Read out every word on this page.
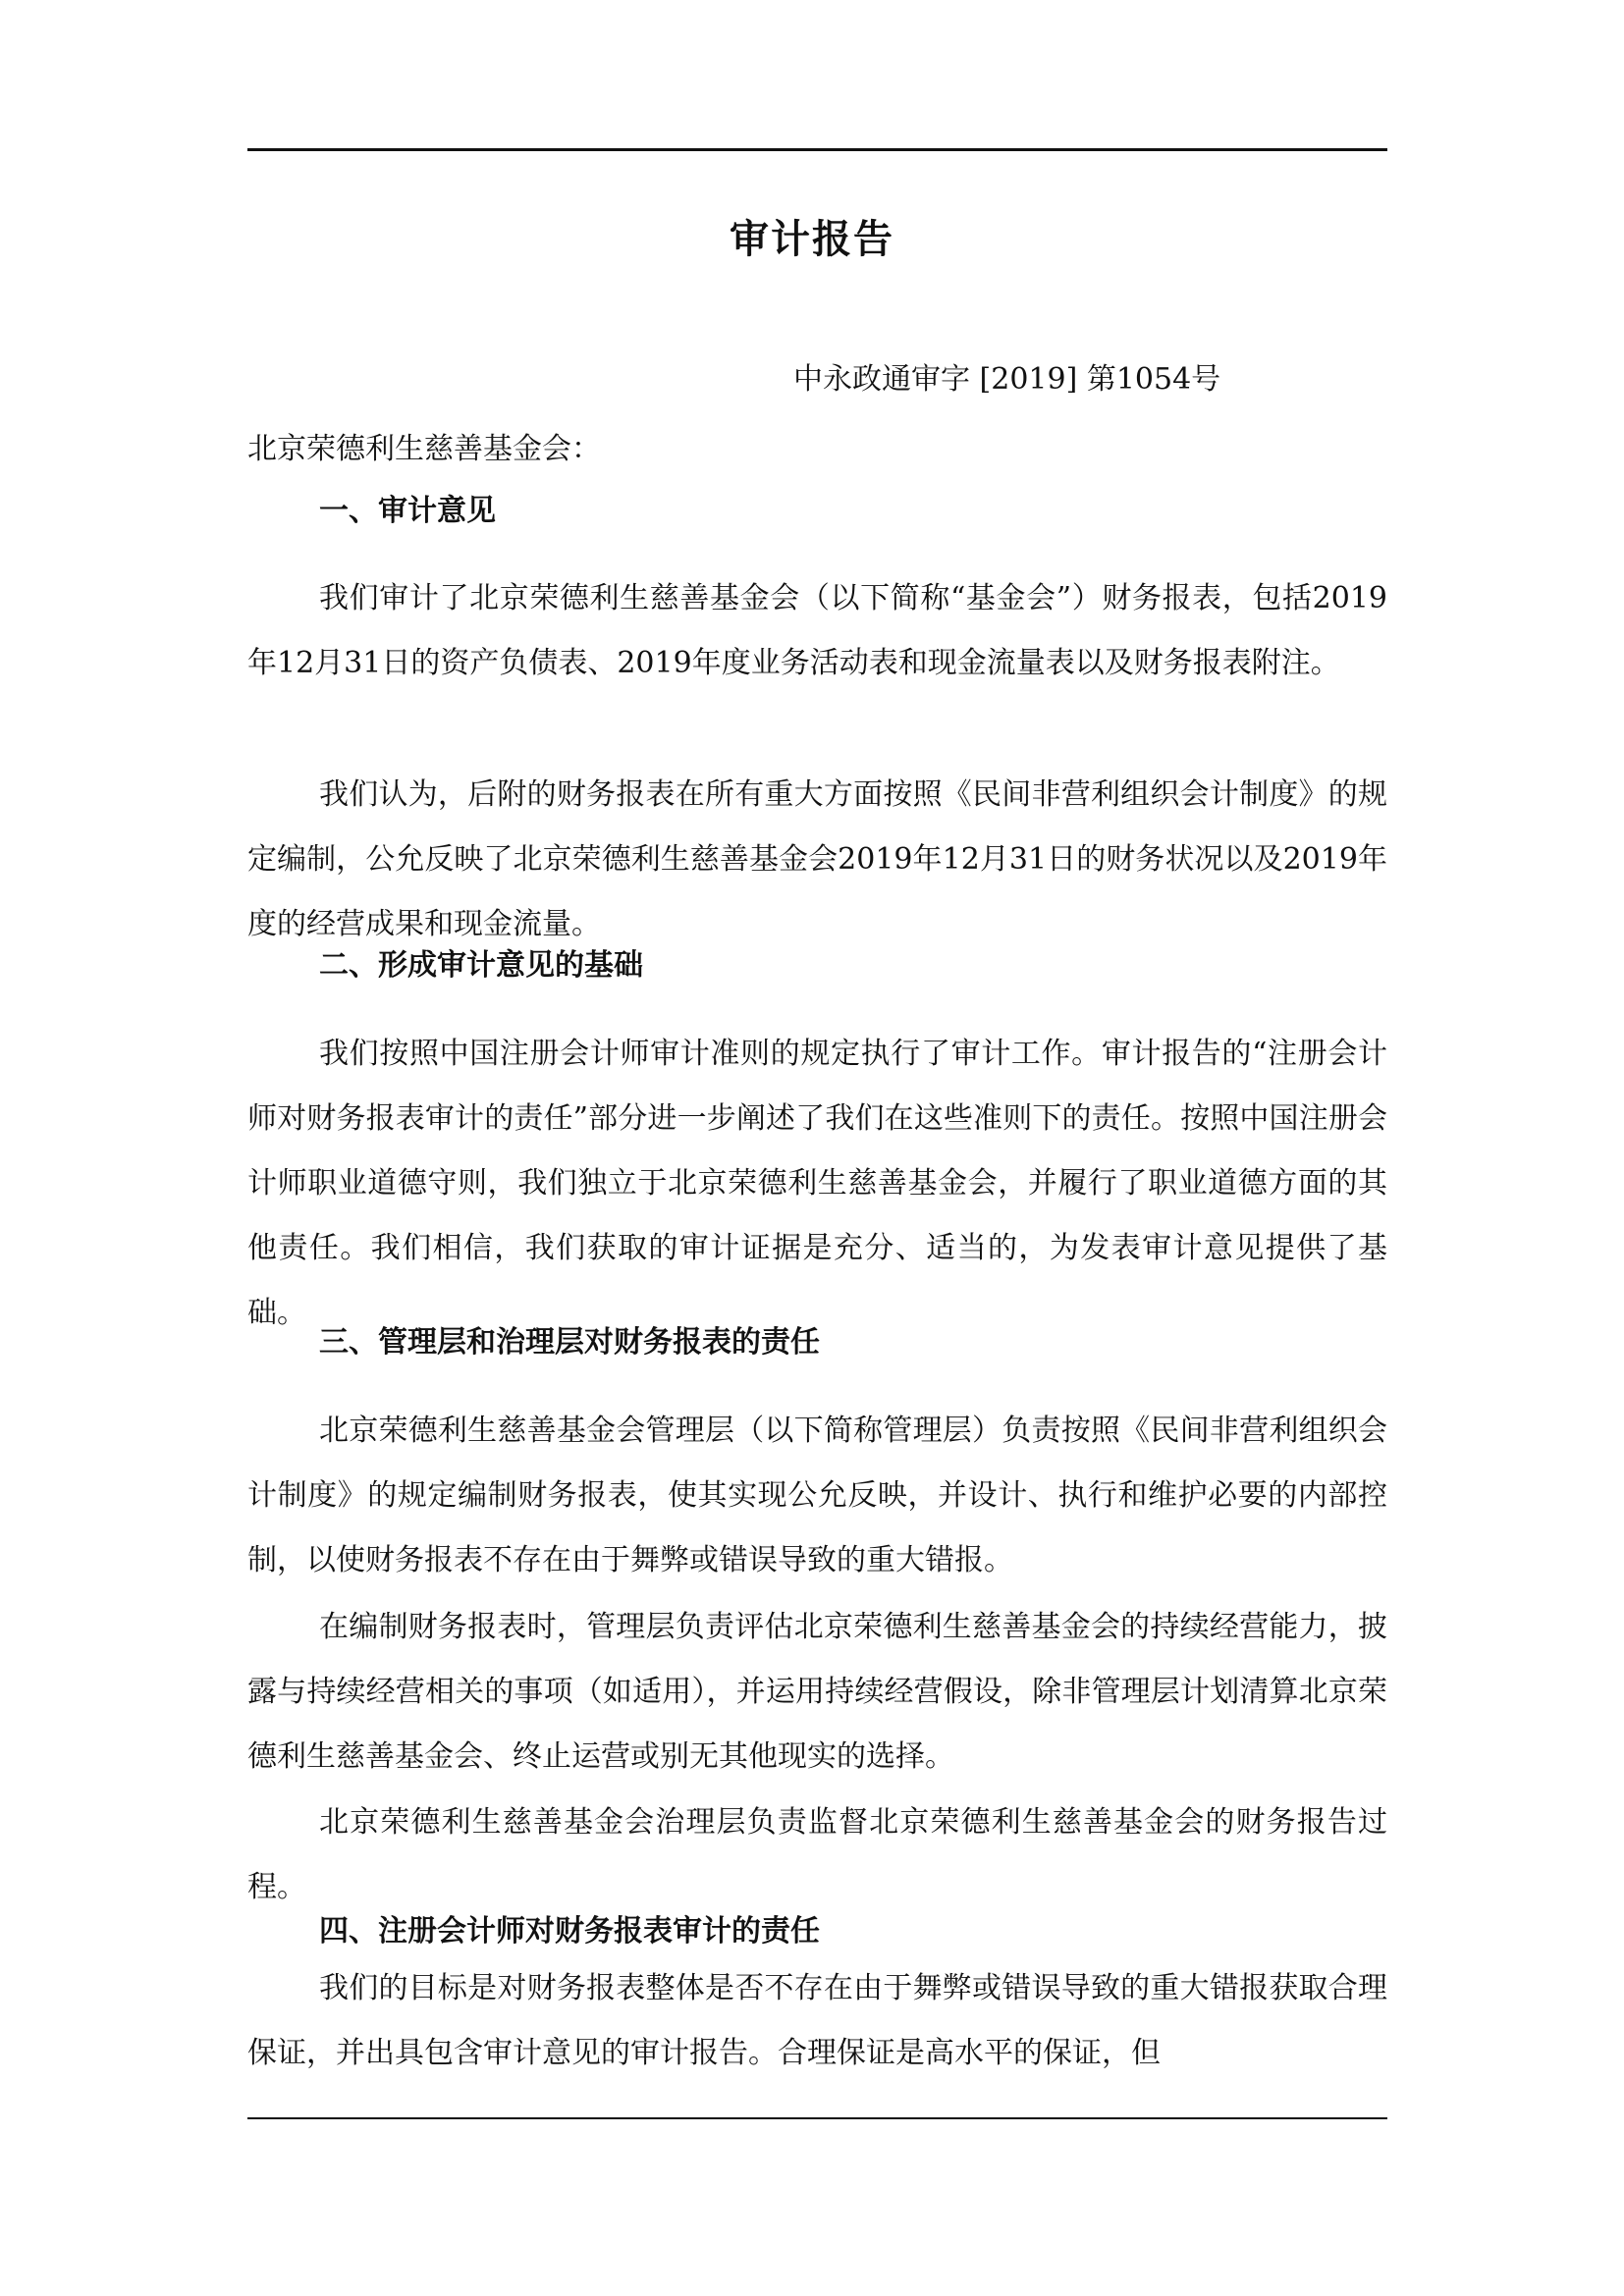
审计报告
中永政通审字 [2019] 第1054号
北京荣德利生慈善基金会：
一、审计意见
我们审计了北京荣德利生慈善基金会（以下简称“基金会”）财务报表，包括2019年12月31日的资产负债表、2019年度业务活动表和现金流量表以及财务报表附注。
我们认为，后附的财务报表在所有重大方面按照《民间非营利组织会计制度》的规定编制，公允反映了北京荣德利生慈善基金会2019年12月31日的财务状况以及2019年度的经营成果和现金流量。
二、形成审计意见的基础
我们按照中国注册会计师审计准则的规定执行了审计工作。审计报告的“注册会计师对财务报表审计的责任”部分进一步阐述了我们在这些准则下的责任。按照中国注册会计师职业道德守则，我们独立于北京荣德利生慈善基金会，并履行了职业道德方面的其他责任。我们相信，我们获取的审计证据是充分、适当的，为发表审计意见提供了基础。
三、管理层和治理层对财务报表的责任
北京荣德利生慈善基金会管理层（以下简称管理层）负责按照《民间非营利组织会计制度》的规定编制财务报表，使其实现公允反映，并设计、执行和维护必要的内部控制，以使财务报表不存在由于舞弊或错误导致的重大错报。
在编制财务报表时，管理层负责评估北京荣德利生慈善基金会的持续经营能力，披露与持续经营相关的事项（如适用），并运用持续经营假设，除非管理层计划清算北京荣德利生慈善基金会、终止运营或别无其他现实的选择。
北京荣德利生慈善基金会治理层负责监督北京荣德利生慈善基金会的财务报告过程。
四、注册会计师对财务报表审计的责任
我们的目标是对财务报表整体是否不存在由于舞弊或错误导致的重大错报获取合理保证，并出具包含审计意见的审计报告。合理保证是高水平的保证，但
